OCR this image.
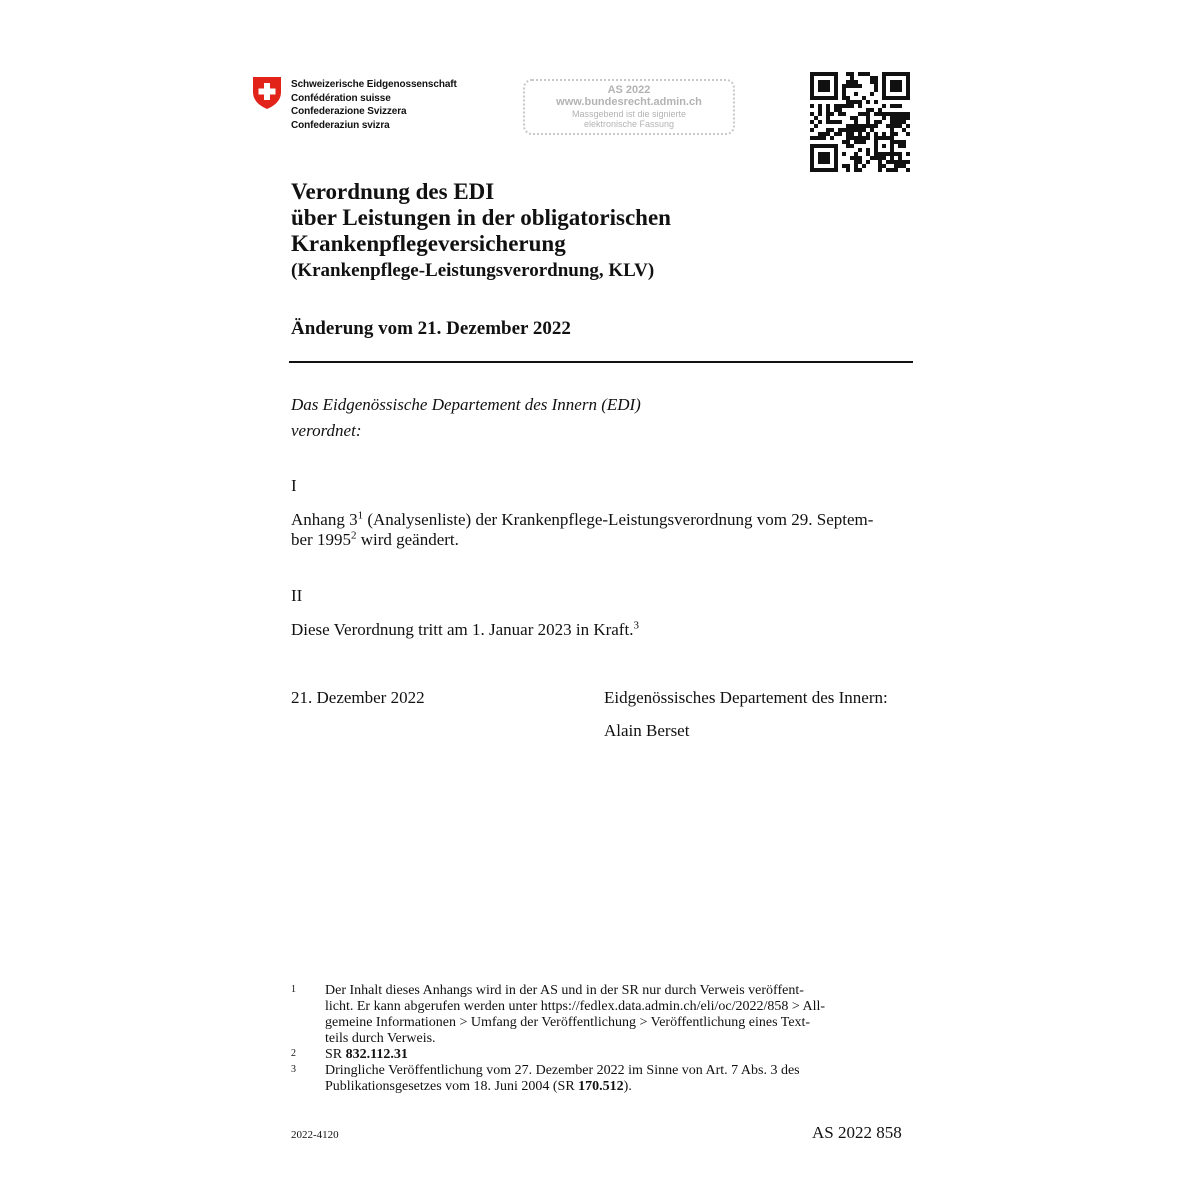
Schweizerische Eidgenossenschaft
Confédération suisse
Confederazione Svizzera
Confederaziun svizra
AS 2022
www.bundesrecht.admin.ch
Massgebend ist die signierte
elektronische Fassung
Verordnung des EDI
über Leistungen in der obligatorischen
Krankenpflegeversicherung
(Krankenpflege-Leistungsverordnung, KLV)
Änderung vom 21. Dezember 2022
Das Eidgenössische Departement des Innern (EDI)
verordnet:
I
Anhang $3^1$ (Analysenliste) der Krankenpflege-Leistungsverordnung vom 29. Septem-
ber 1995$^2$ wird geändert.
II
Diese Verordnung tritt am 1. Januar 2023 in Kraft.$^3$
21. Dezember 2022	Eidgenössisches Departement des Innern:
Alain Berset
1 Der Inhalt dieses Anhangs wird in der AS und in der SR nur durch Verweis veröffent-
licht. Er kann abgerufen werden unter https://fedlex.data.admin.ch/eli/oc/2022/858 > All-
gemeine Informationen > Umfang der Veröffentlichung > Veröffentlichung eines Text-
teils durch Verweis.
2 SR 832.112.31
3 Dringliche Veröffentlichung vom 27. Dezember 2022 im Sinne von Art. 7 Abs. 3 des
Publikationsgesetzes vom 18. Juni 2004 (SR 170.512).
2022-4120	AS 2022 858
